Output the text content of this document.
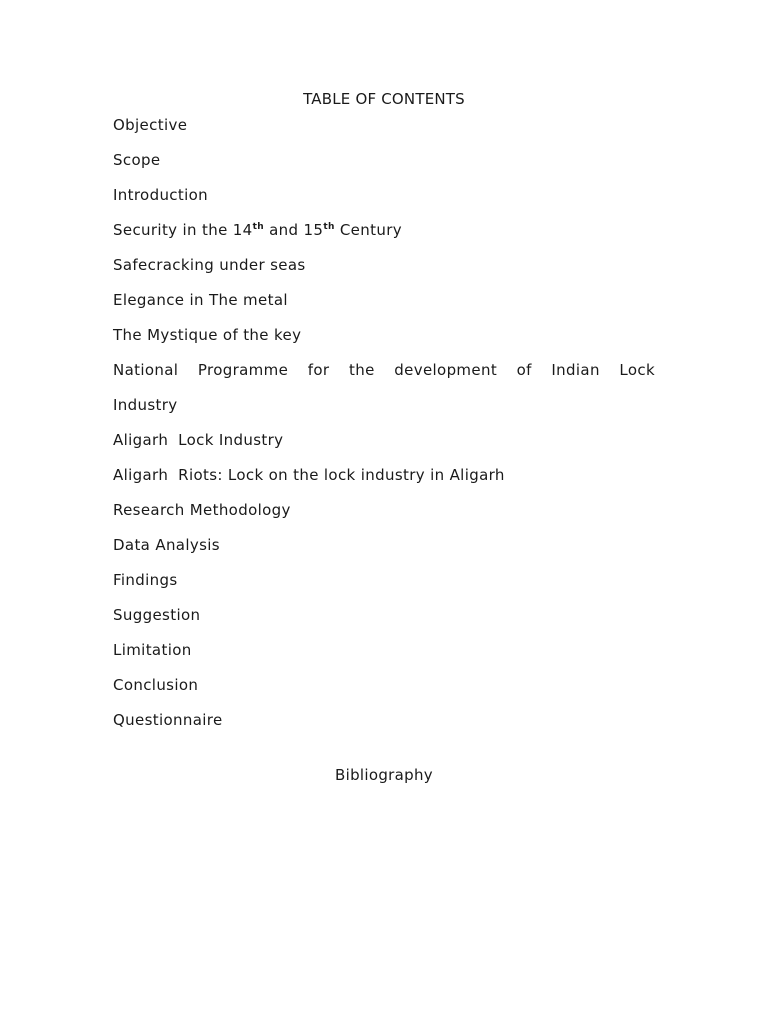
TABLE OF CONTENTS
Objective
Scope
Introduction
Security in the 14th and 15th Century
Safecracking under seas
Elegance in The metal
The Mystique of the key
National Programme for the development of Indian Lock
Industry
Aligarh Lock Industry
Aligarh Riots: Lock on the lock industry in Aligarh
Research Methodology
Data Analysis
Findings
Suggestion
Limitation
Conclusion
Questionnaire
Bibliography
